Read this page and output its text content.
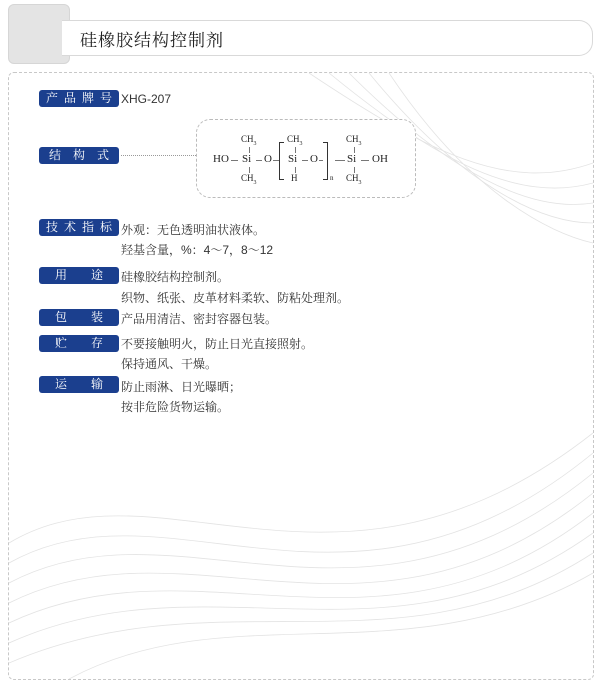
硅橡胶结构控制剂
产 品 牌 号 XHG-207
结 构 式
$CH_3$	$CH_3$	$CH_3$
HO Si O Si O
n
Si OH
$CH_3$	H	$CH_3$
技 术 指 标 外观：无色透明油状液体。
羟基含量，%：4～7，8～12
用 途 硅橡胶结构控制剂。
织物、纸张、皮革材料柔软、防粘处理剂。
包 装 产品用清洁、密封容器包装。
贮 存 不要接触明火，防止日光直接照射。
保持通风、干燥。
运 输 防止雨淋、日光曝晒；
按非危险货物运输。
